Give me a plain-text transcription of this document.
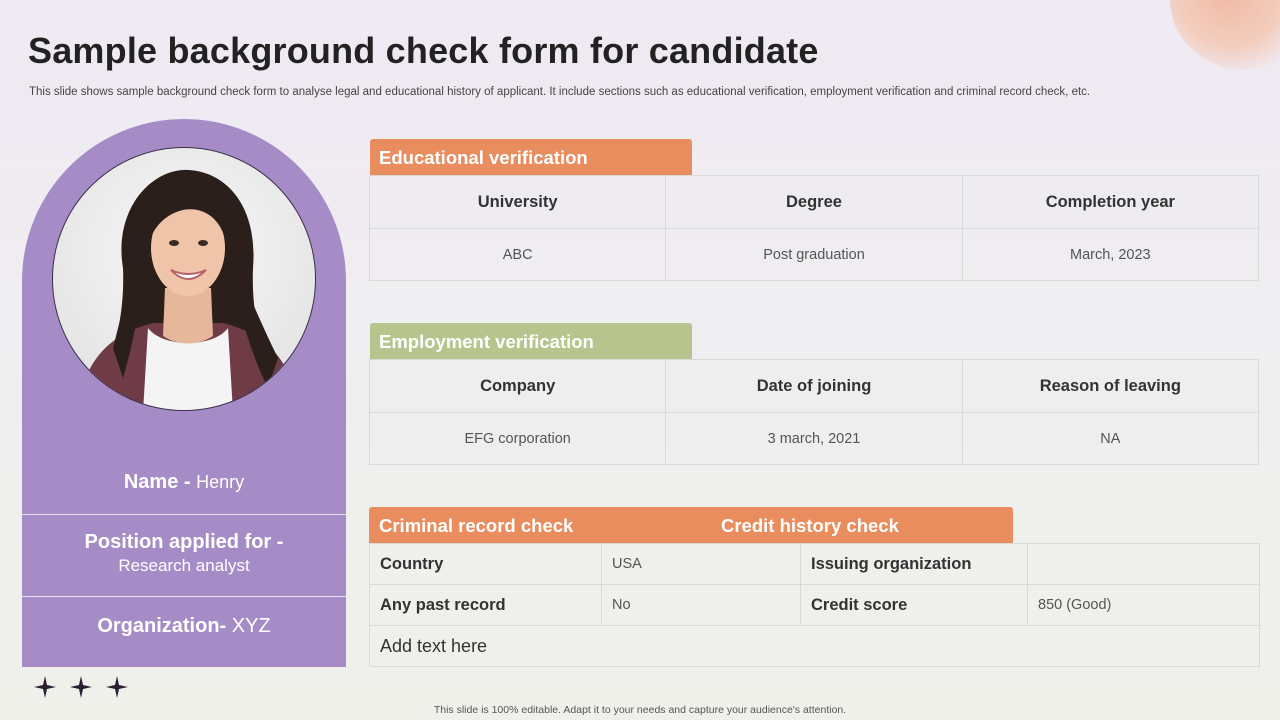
Sample background check form for candidate

This slide shows sample background check form to analyse legal and educational history of applicant. It include sections such as educational verification, employment verification and criminal record check, etc.

Name - Henry
Position applied for -
Research analyst
Organization- XYZ
Educational verification
University	Degree	Completion year
ABC	Post graduation	March, 2023
Employment verification
Company	Date of joining	Reason of leaving
EFG corporation	3 march, 2021	NA
Criminal record check	Credit history check
Country	USA	Issuing organization	
Any past record	No	Credit score	850 (Good)
Add text here			
This slide is 100% editable. Adapt it to your needs and capture your audience's attention.
